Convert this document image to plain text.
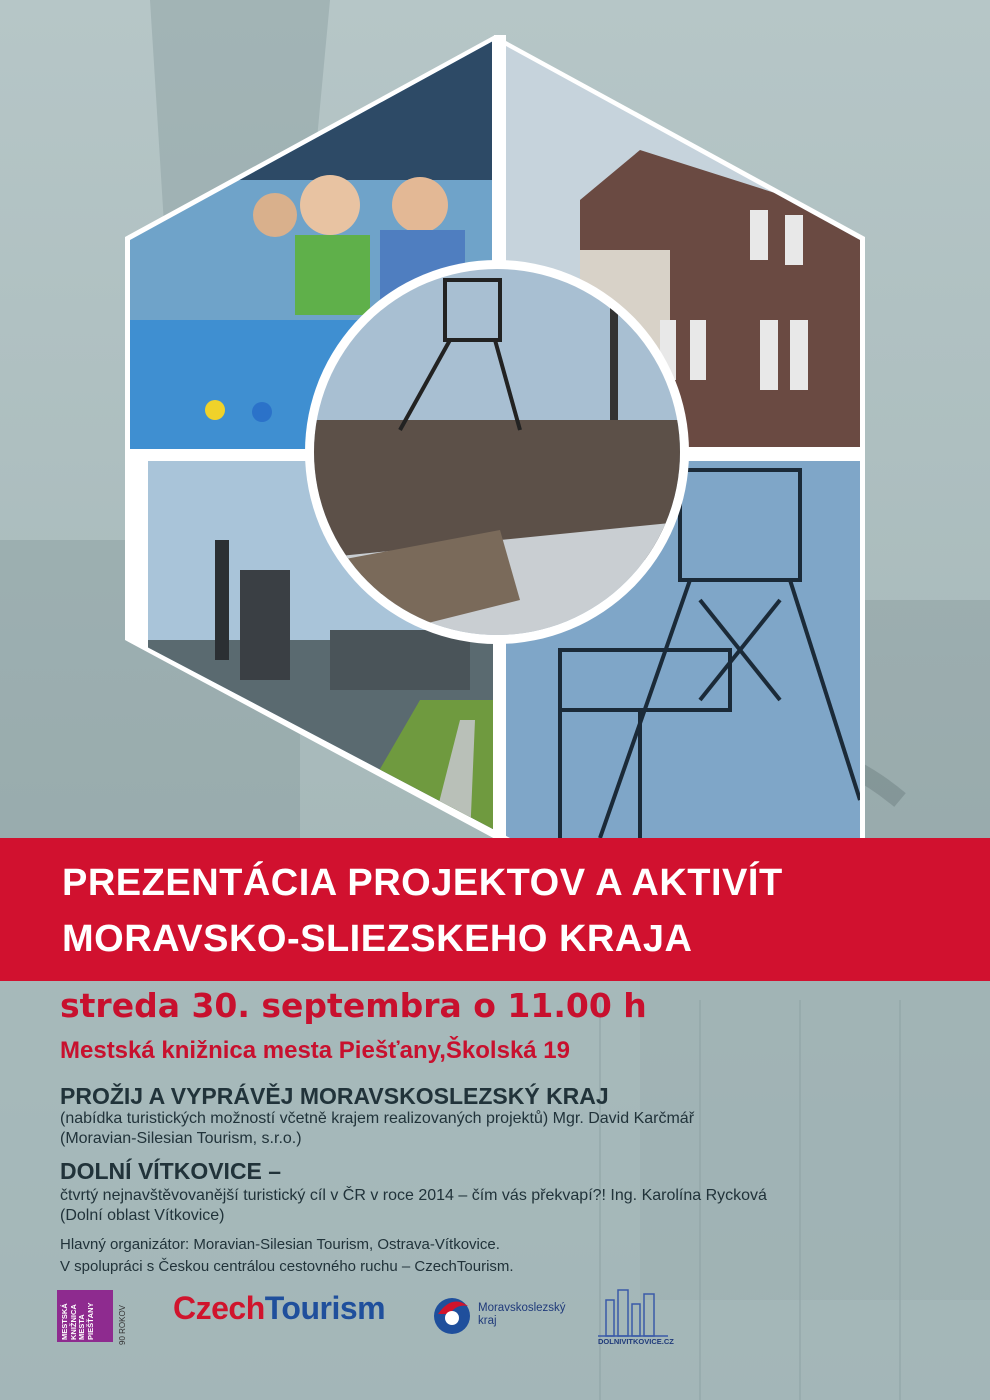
PREZENTÁCIA PROJEKTOV A AKTIVÍT
MORAVSKO-SLIEZSKEHO KRAJA
streda 30. septembra o 11.00 h
Mestská knižnica mesta Piešťany,Školská 19
PROŽIJ A VYPRÁVĚJ MORAVSKOSLEZSKÝ KRAJ
(nabídka turistických možností včetně krajem realizovaných projektů) Mgr. David Karčmář
(Moravian-Silesian Tourism, s.r.o.)
DOLNÍ VÍTKOVICE –
čtvrtý nejnavštěvovanější turistický cíl v ČR v roce 2014 – čím vás překvapí?! Ing. Karolína Rycková
(Dolní oblast Vítkovice)
Hlavný organizátor: Moravian-Silesian Tourism, Ostrava-Vítkovice.
V spolupráci s Českou centrálou cestovného ruchu – CzechTourism.
MESTSKÁ
KNIŽNICA
MESTA
PIEŠŤANY	90 ROKOV CzechTourism	Moravskoslezský
kraj
DOLNIVITKOVICE.CZ
